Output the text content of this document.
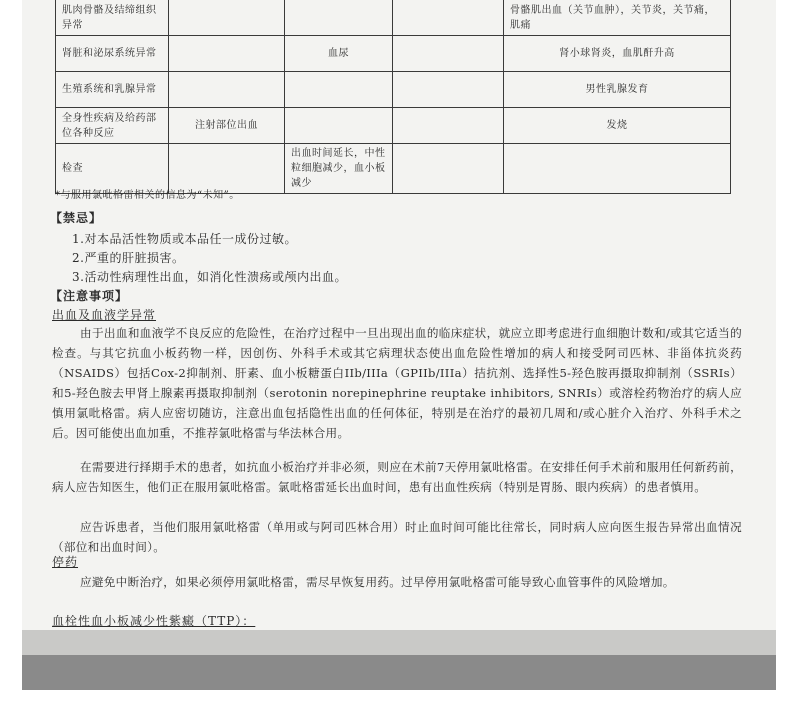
肌肉骨骼及结缔组织异常				骨骼肌出血（关节血肿），关节炎，关节痛，肌痛
肾脏和泌尿系统异常		血尿		肾小球肾炎，血肌酐升高
生殖系统和乳腺异常				男性乳腺发育
全身性疾病及给药部位各种反应	注射部位出血			发烧
检查		出血时间延长，中性粒细胞减少，血小板减少		
*与服用氯吡格雷相关的信息为“未知”。
【禁忌】
1.对本品活性物质或本品任一成份过敏。
2.严重的肝脏损害。
3.活动性病理性出血，如消化性溃疡或颅内出血。
【注意事项】
出血及血液学异常
由于出血和血液学不良反应的危险性，在治疗过程中一旦出现出血的临床症状，就应立即考虑进行血细胞计数和/或其它适当的检查。与其它抗血小板药物一样，因创伤、外科手术或其它病理状态使出血危险性增加的病人和接受阿司匹林、非甾体抗炎药（NSAIDS）包括Cox-2抑制剂、肝素、血小板糖蛋白IIb/IIIa（GPIIb/IIIa）拮抗剂、选择性5-羟色胺再摄取抑制剂（SSRIs）和5-羟色胺去甲肾上腺素再摄取抑制剂（serotonin norepinephrine reuptake inhibitors, SNRIs）或溶栓药物治疗的病人应慎用氯吡格雷。病人应密切随访，注意出血包括隐性出血的任何体征，特别是在治疗的最初几周和/或心脏介入治疗、外科手术之后。因可能使出血加重，不推荐氯吡格雷与华法林合用。
在需要进行择期手术的患者，如抗血小板治疗并非必须，则应在术前7天停用氯吡格雷。在安排任何手术前和服用任何新药前，病人应告知医生，他们正在服用氯吡格雷。氯吡格雷延长出血时间，患有出血性疾病（特别是胃肠、眼内疾病）的患者慎用。
应告诉患者，当他们服用氯吡格雷（单用或与阿司匹林合用）时止血时间可能比往常长，同时病人应向医生报告异常出血情况（部位和出血时间）。
停药
应避免中断治疗，如果必须停用氯吡格雷，需尽早恢复用药。过早停用氯吡格雷可能导致心血管事件的风险增加。
血栓性血小板减少性紫癜（TTP）：
